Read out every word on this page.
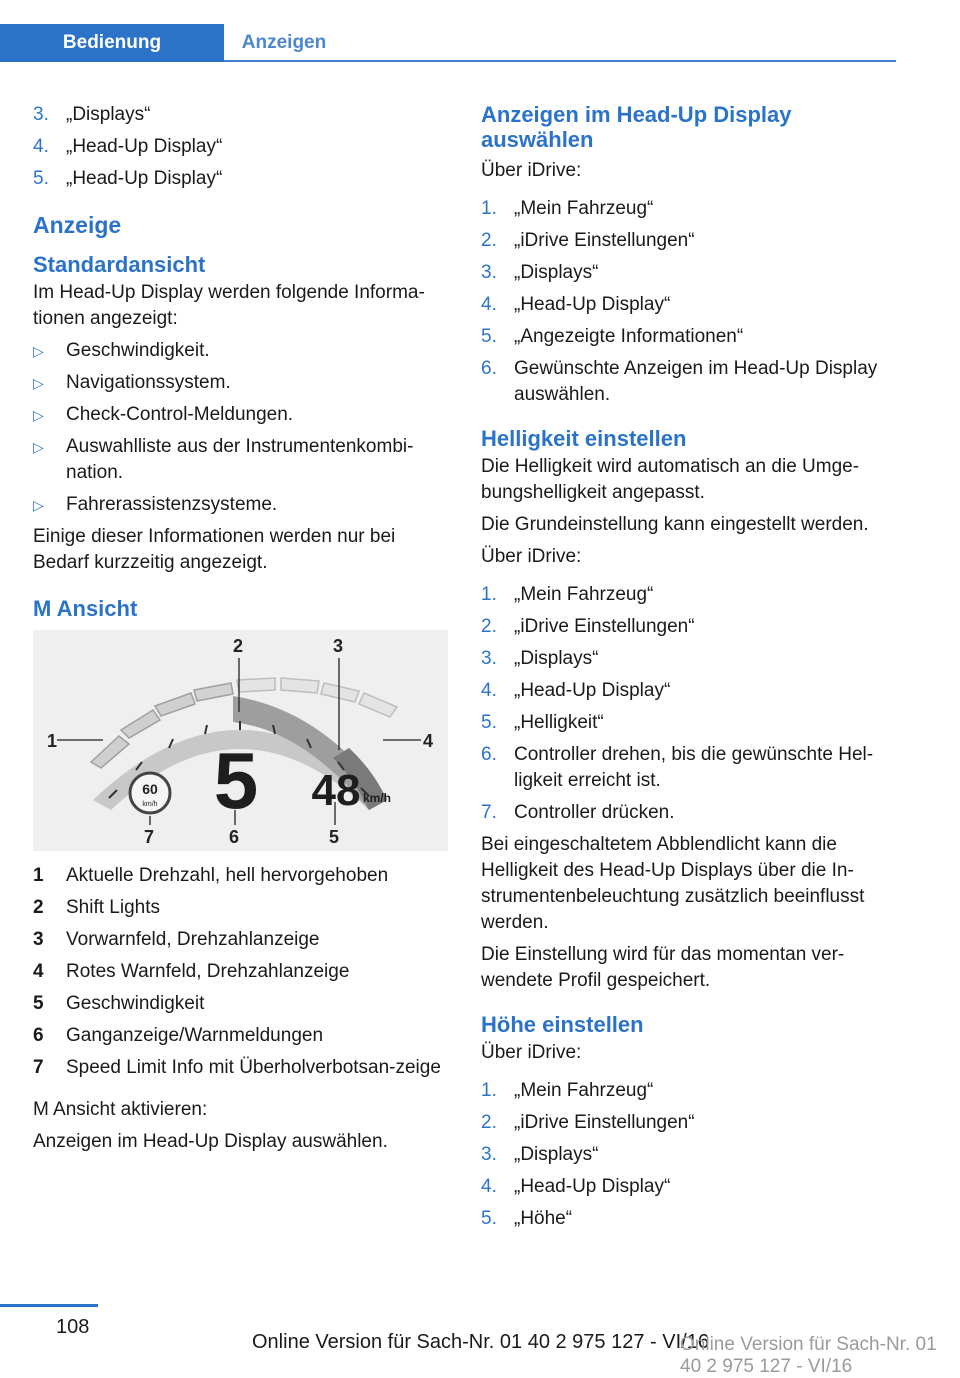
Bedienung	Anzeigen
3. „Displays“
4. „Head-Up Display“
5. „Head-Up Display“
Anzeige
Standardansicht

Im Head-Up Display werden folgende Informa-tionen angezeigt:

▷ Geschwindigkeit.
▷ Navigationssystem.
▷ Check-Control-Meldungen.
▷ Auswahlliste aus der Instrumentenkombi-nation.
▷ Fahrerassistenzsysteme.

Einige dieser Informationen werden nur bei Bedarf kurzzeitig angezeigt.

M Ansicht
60
km/h 5 48 km/h
1
2	3
4
5
6
7
1 Aktuelle Drehzahl, hell hervorgehoben
2 Shift Lights
3 Vorwarnfeld, Drehzahlanzeige
4 Rotes Warnfeld, Drehzahlanzeige
5 Geschwindigkeit
6 Ganganzeige/Warnmeldungen
7 Speed Limit Info mit Überholverbotsan-zeige

M Ansicht aktivieren:

Anzeigen im Head-Up Display auswählen.

Anzeigen im Head-Up Display auswählen

Über iDrive:

1. „Mein Fahrzeug“
2. „iDrive Einstellungen“
3. „Displays“
4. „Head-Up Display“
5. „Angezeigte Informationen“
6. Gewünschte Anzeigen im Head-Up Display auswählen.
Helligkeit einstellen

Die Helligkeit wird automatisch an die Umge-bungshelligkeit angepasst.

Die Grundeinstellung kann eingestellt werden.

Über iDrive:

1. „Mein Fahrzeug“
2. „iDrive Einstellungen“
3. „Displays“
4. „Head-Up Display“
5. „Helligkeit“
6. Controller drehen, bis die gewünschte Hel-ligkeit erreicht ist.
7. Controller drücken.

Bei eingeschaltetem Abblendlicht kann die Helligkeit des Head-Up Displays über die In-strumentenbeleuchtung zusätzlich beeinflusst werden.

Die Einstellung wird für das momentan ver-wendete Profil gespeichert.

Höhe einstellen

Über iDrive:

1. „Mein Fahrzeug“
2. „iDrive Einstellungen“
3. „Displays“
4. „Head-Up Display“
5. „Höhe“
108
Online Version für Sach-Nr. 01 40 2 975 127 - VI/16
Online Version für Sach-Nr. 01 40 2 975 127 - VI/16
